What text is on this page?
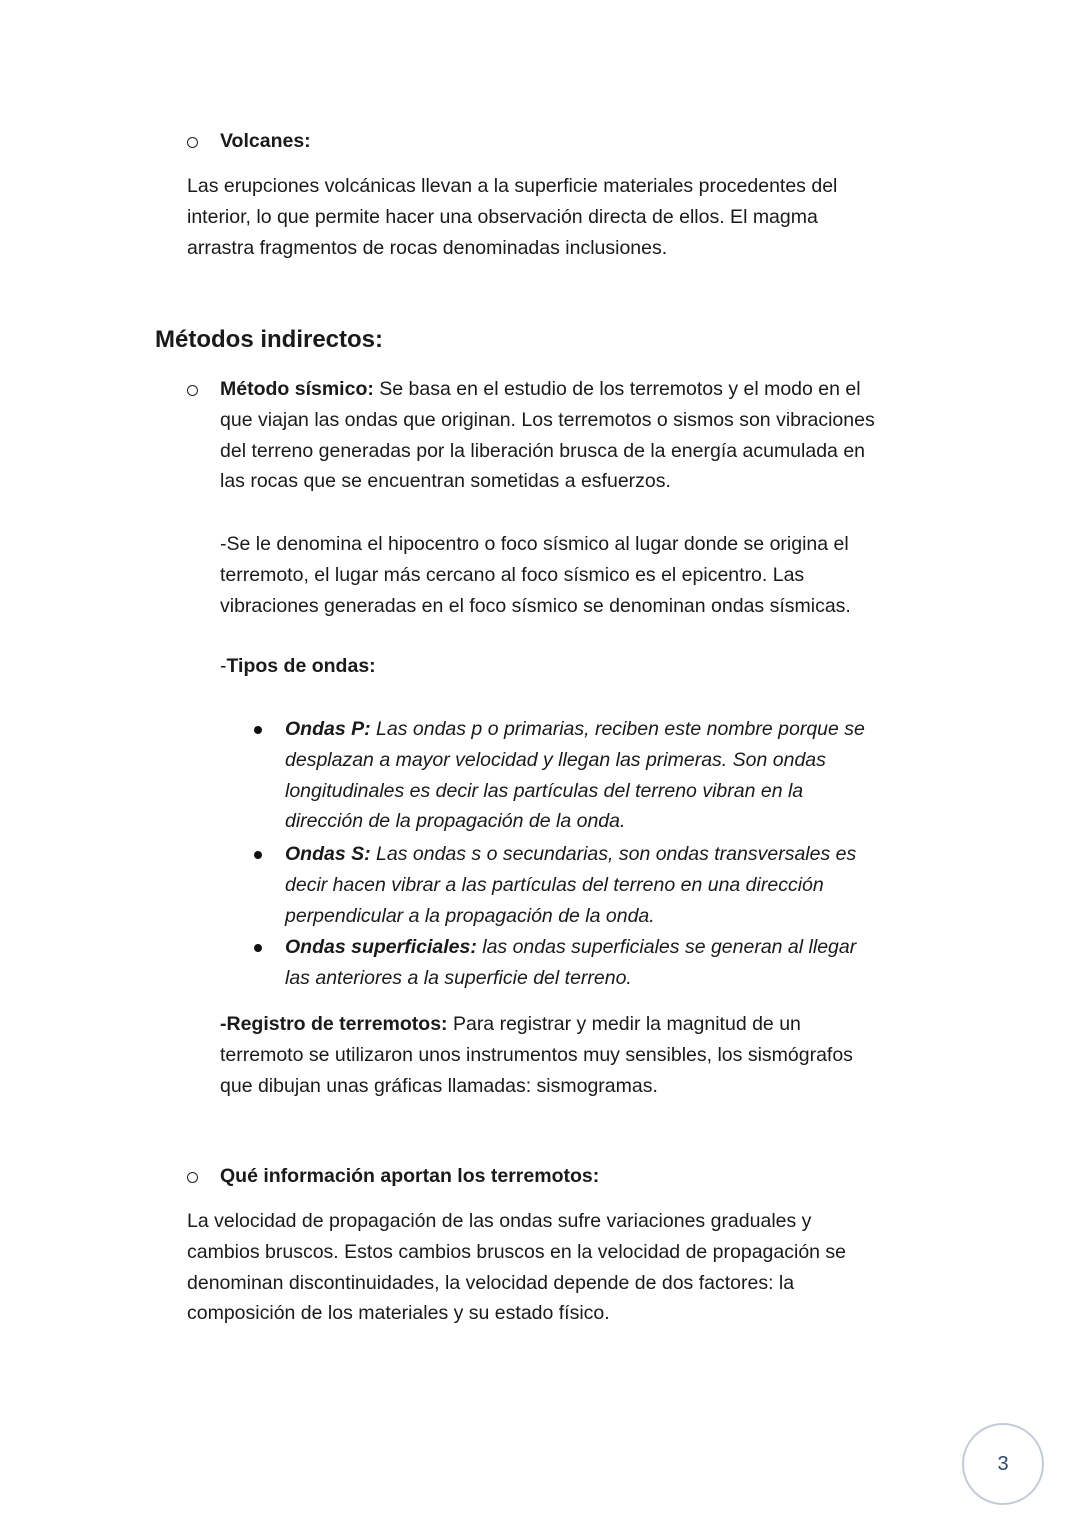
Volcanes:
Las erupciones volcánicas llevan a la superficie materiales procedentes del
interior, lo que permite hacer una observación directa de ellos. El magma
arrastra fragmentos de rocas denominadas inclusiones.
Métodos indirectos:
Método sísmico: Se basa en el estudio de los terremotos y el modo en el
que viajan las ondas que originan. Los terremotos o sismos son vibraciones
del terreno generadas por la liberación brusca de la energía acumulada en
las rocas que se encuentran sometidas a esfuerzos.
-Se le denomina el hipocentro o foco sísmico al lugar donde se origina el
terremoto, el lugar más cercano al foco sísmico es el epicentro. Las
vibraciones generadas en el foco sísmico se denominan ondas sísmicas.
-Tipos de ondas:
Ondas P: Las ondas p o primarias, reciben este nombre porque se
desplazan a mayor velocidad y llegan las primeras. Son ondas
longitudinales es decir las partículas del terreno vibran en la
dirección de la propagación de la onda.
Ondas S: Las ondas s o secundarias, son ondas transversales es
decir hacen vibrar a las partículas del terreno en una dirección
perpendicular a la propagación de la onda.
Ondas superficiales: las ondas superficiales se generan al llegar
las anteriores a la superficie del terreno.
-Registro de terremotos: Para registrar y medir la magnitud de un
terremoto se utilizaron unos instrumentos muy sensibles, los sismógrafos
que dibujan unas gráficas llamadas: sismogramas.
Qué información aportan los terremotos:
La velocidad de propagación de las ondas sufre variaciones graduales y
cambios bruscos. Estos cambios bruscos en la velocidad de propagación se
denominan discontinuidades, la velocidad depende de dos factores: la
composición de los materiales y su estado físico.
3
